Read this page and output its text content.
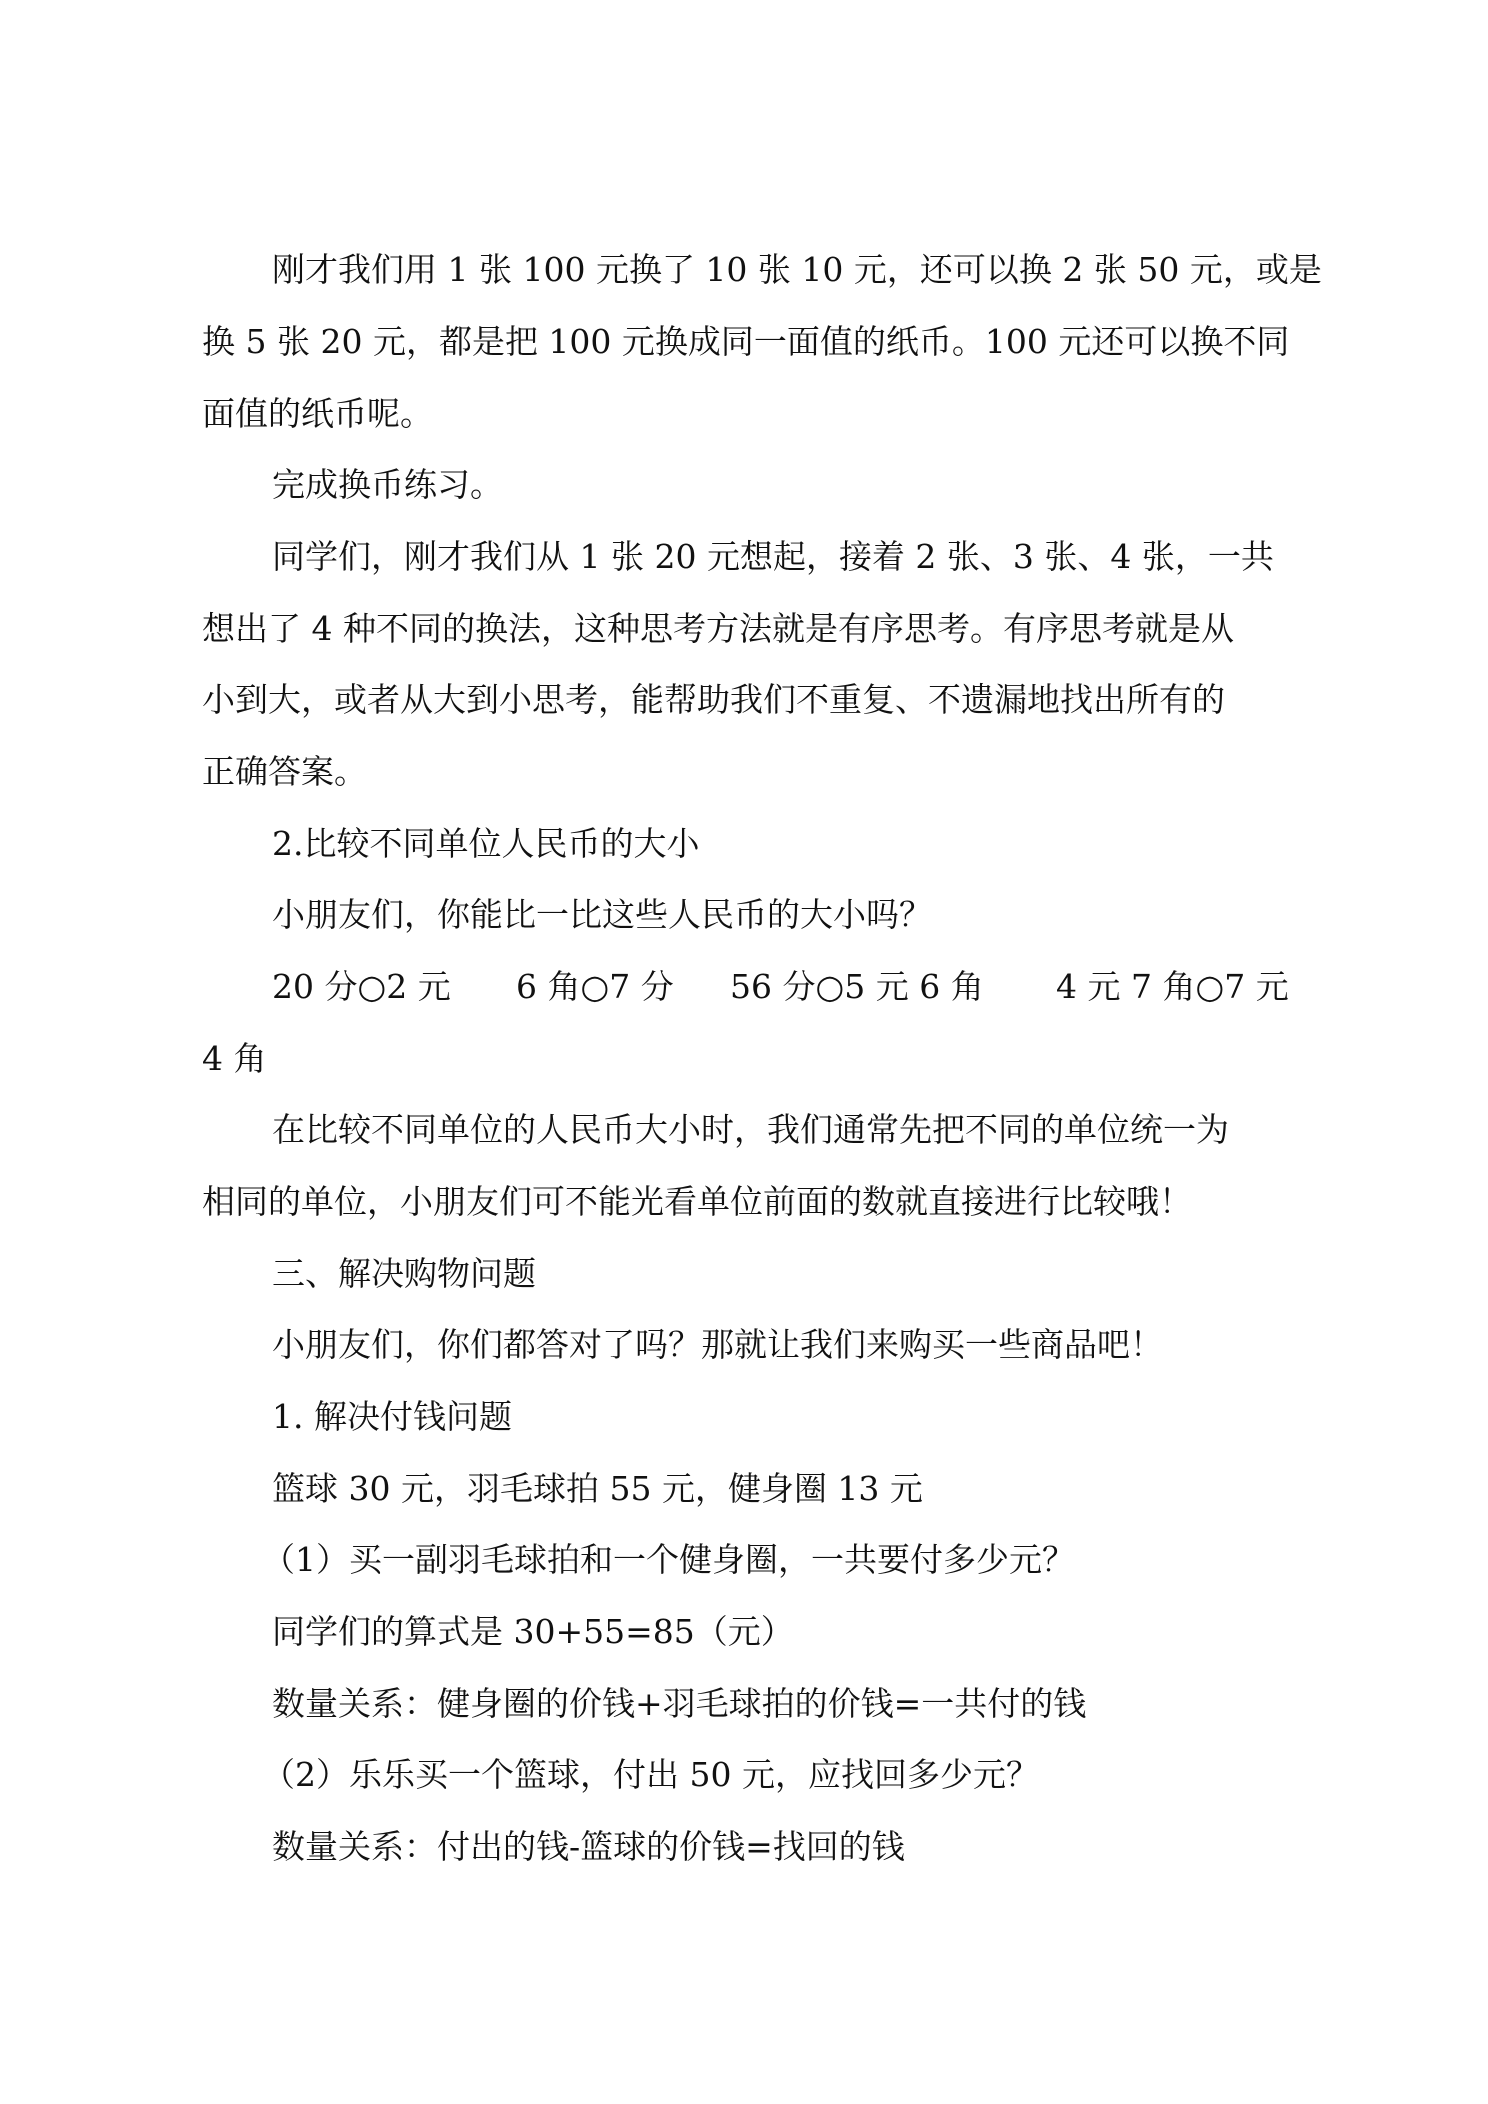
刚才我们用 1 张 100 元换了 10 张 10 元，还可以换 2 张 50 元，或是
换 5 张 20 元，都是把 100 元换成同一面值的纸币。100 元还可以换不同
面值的纸币呢。
完成换币练习。
同学们，刚才我们从 1 张 20 元想起，接着 2 张、3 张、4 张，一共
想出了 4 种不同的换法，这种思考方法就是有序思考。有序思考就是从
小到大，或者从大到小思考，能帮助我们不重复、不遗漏地找出所有的
正确答案。
2.比较不同单位人民币的大小
小朋友们，你能比一比这些人民币的大小吗？
20 分○2 元 6 角○7 分 56 分○5 元 6 角 4 元 7 角○7 元
4 角
在比较不同单位的人民币大小时，我们通常先把不同的单位统一为
相同的单位，小朋友们可不能光看单位前面的数就直接进行比较哦！
三、解决购物问题
小朋友们，你们都答对了吗？那就让我们来购买一些商品吧！
1. 解决付钱问题
篮球 30 元，羽毛球拍 55 元，健身圈 13 元
（1）买一副羽毛球拍和一个健身圈，一共要付多少元？
同学们的算式是 30+55=85（元）
数量关系：健身圈的价钱+羽毛球拍的价钱=一共付的钱
（2）乐乐买一个篮球，付出 50 元，应找回多少元？
数量关系：付出的钱-篮球的价钱=找回的钱
